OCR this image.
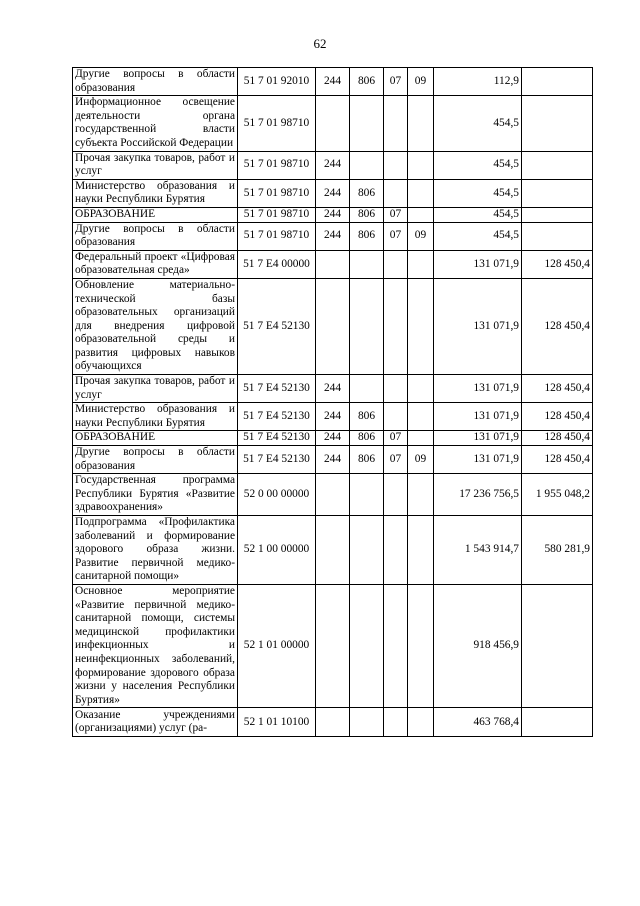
62
Другие вопросы в области образования	51 7 01 92010	244	806	07	09	112,9	
Информационное освещение деятельности органа государственной власти субъекта Российской Федерации	51 7 01 98710					454,5	
Прочая закупка товаров, работ и услуг	51 7 01 98710	244				454,5	
Министерство образования и науки Республики Бурятия	51 7 01 98710	244	806			454,5	
ОБРАЗОВАНИЕ	51 7 01 98710	244	806	07		454,5	
Другие вопросы в области образования	51 7 01 98710	244	806	07	09	454,5	
Федеральный проект «Цифровая образовательная среда»	51 7 E4 00000					131 071,9	128 450,4
Обновление материально-технической базы образовательных организаций для внедрения цифровой образовательной среды и развития цифровых навыков обучающихся	51 7 E4 52130					131 071,9	128 450,4
Прочая закупка товаров, работ и услуг	51 7 E4 52130	244				131 071,9	128 450,4
Министерство образования и науки Республики Бурятия	51 7 E4 52130	244	806			131 071,9	128 450,4
ОБРАЗОВАНИЕ	51 7 E4 52130	244	806	07		131 071,9	128 450,4
Другие вопросы в области образования	51 7 E4 52130	244	806	07	09	131 071,9	128 450,4
Государственная программа Республики Бурятия «Развитие здравоохранения»	52 0 00 00000					17 236 756,5	1 955 048,2
Подпрограмма «Профилактика заболеваний и формирование здорового образа жизни. Развитие первичной медико-санитарной помощи»	52 1 00 00000					1 543 914,7	580 281,9
Основное мероприятие «Развитие первичной медико-санитарной помощи, системы медицинской профилактики инфекционных и неинфекционных заболеваний, формирование здорового образа жизни у населения Республики Бурятия»	52 1 01 00000					918 456,9	
Оказание учреждениями (организациями) услуг (ра-	52 1 01 10100					463 768,4	
